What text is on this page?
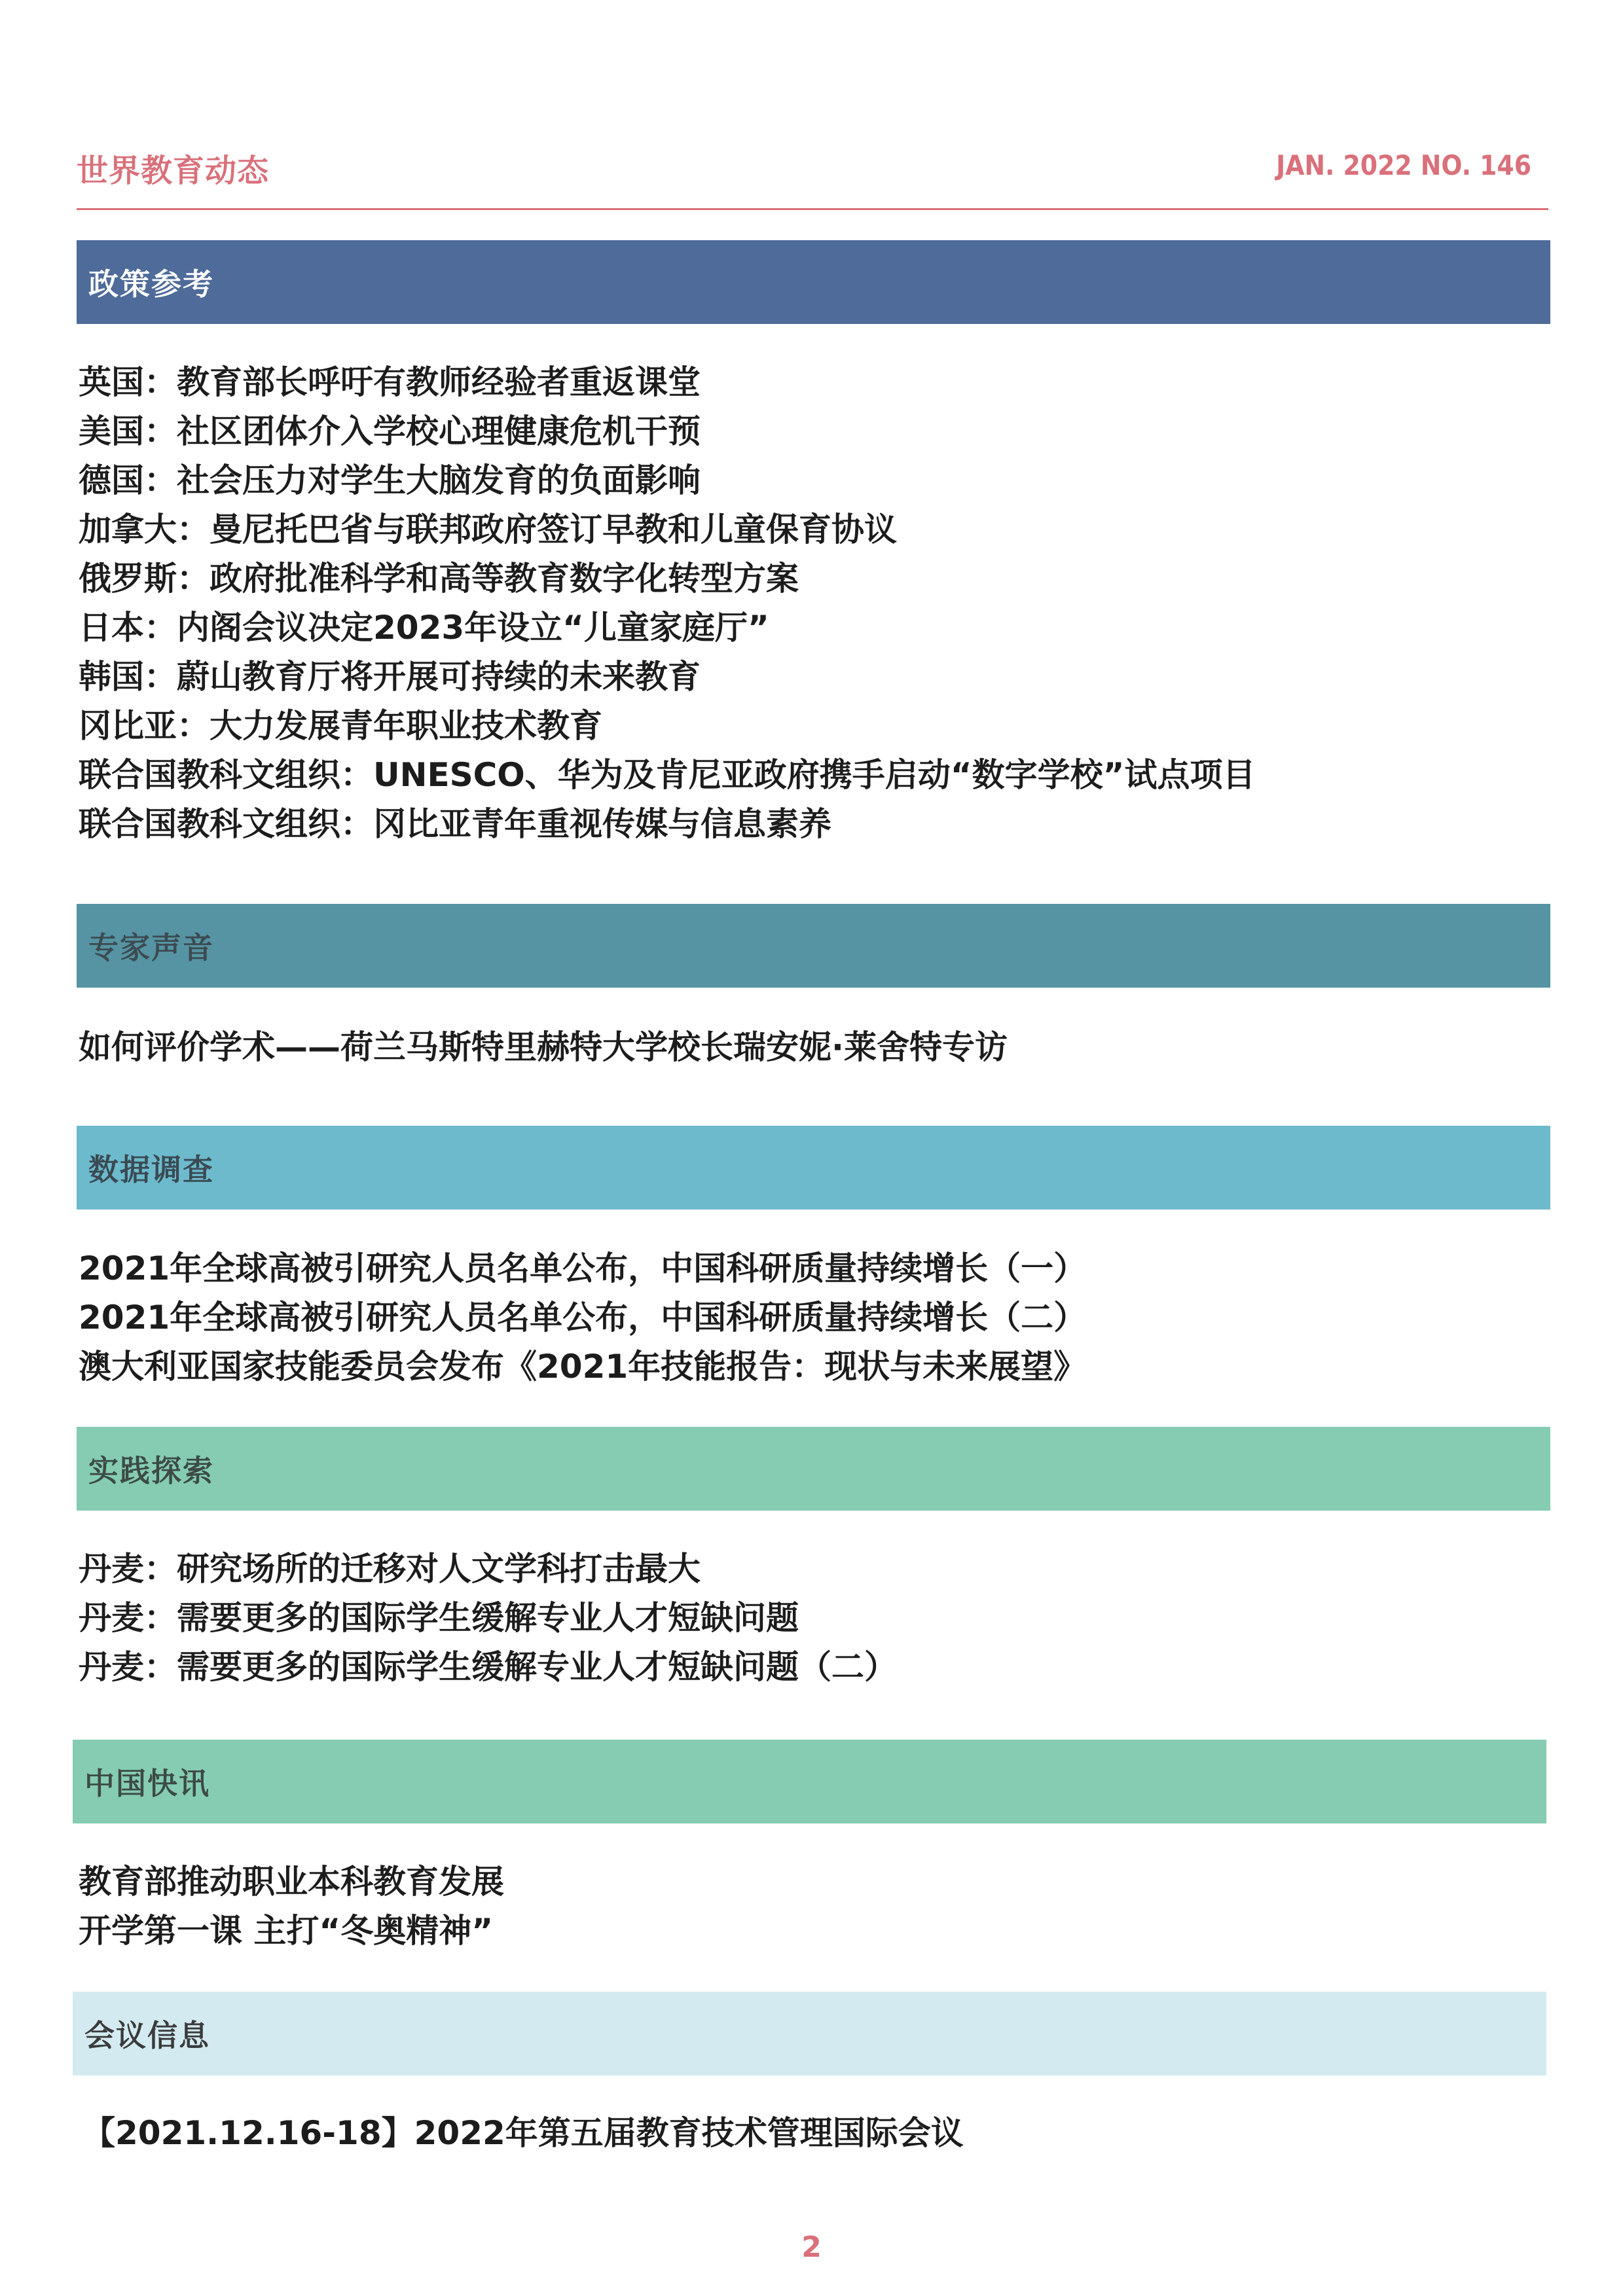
世界教育动态	JAN. 2022 NO. 146
政策参考
英国：教育部长呼吁有教师经验者重返课堂
美国：社区团体介入学校心理健康危机干预
德国：社会压力对学生大脑发育的负面影响
加拿大：曼尼托巴省与联邦政府签订早教和儿童保育协议
俄罗斯：政府批准科学和高等教育数字化转型方案
日本：内阁会议决定2023年设立“儿童家庭厅”
韩国：蔚山教育厅将开展可持续的未来教育
冈比亚：大力发展青年职业技术教育
联合国教科文组织：UNESCO、华为及肯尼亚政府携手启动“数字学校”试点项目
联合国教科文组织：冈比亚青年重视传媒与信息素养
专家声音
如何评价学术——荷兰马斯特里赫特大学校长瑞安妮·莱舍特专访
数据调查
2021年全球高被引研究人员名单公布，中国科研质量持续增长（一）
2021年全球高被引研究人员名单公布，中国科研质量持续增长（二）
澳大利亚国家技能委员会发布《2021年技能报告：现状与未来展望》
实践探索
丹麦：研究场所的迁移对人文学科打击最大
丹麦：需要更多的国际学生缓解专业人才短缺问题
丹麦：需要更多的国际学生缓解专业人才短缺问题（二）
中国快讯
教育部推动职业本科教育发展
开学第一课 主打“冬奥精神”
会议信息
【2021.12.16-18】2022年第五届教育技术管理国际会议
2
